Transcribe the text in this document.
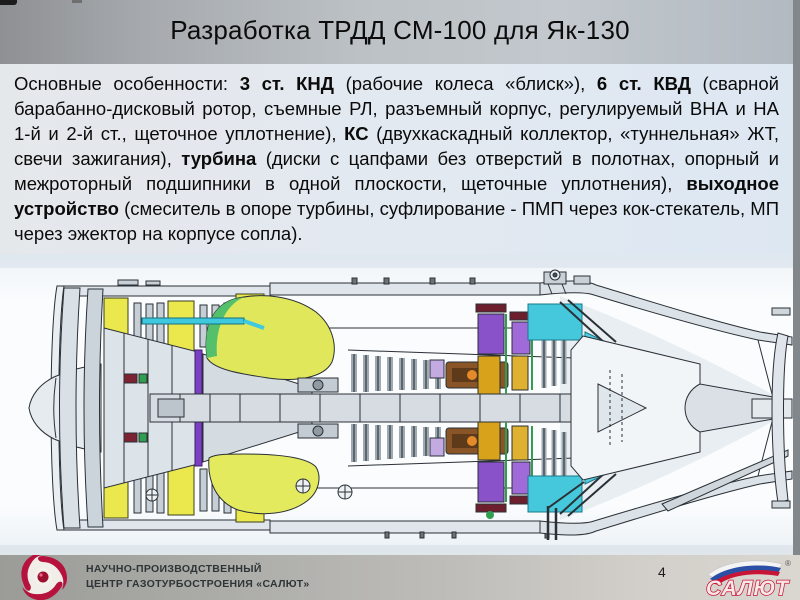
Разработка ТРДД СМ-100 для Як-130
Основные особенности: 3 ст. КНД (рабочие колеса «блиск»), 6 ст. КВД (сварной барабанно-дисковый ротор, съемные РЛ, разъемный корпус, регулируемый ВНА и НА 1-й и 2-й ст., щеточное уплотнение), КС (двухкаскадный коллектор, «туннельная» ЖТ, свечи зажигания), турбина (диски с цапфами без отверстий в полотнах, опорный и межроторный подшипники в одной плоскости, щеточные уплотнения), выходное устройство (смеситель в опоре турбины, суфлирование - ПМП через кок-стекатель, МП через эжектор на корпусе сопла).
НАУЧНО-ПРОИЗВОДСТВЕННЫЙ
ЦЕНТР ГАЗОТУРБОСТРОЕНИЯ «САЛЮТ»
4
САЛЮТ
®
